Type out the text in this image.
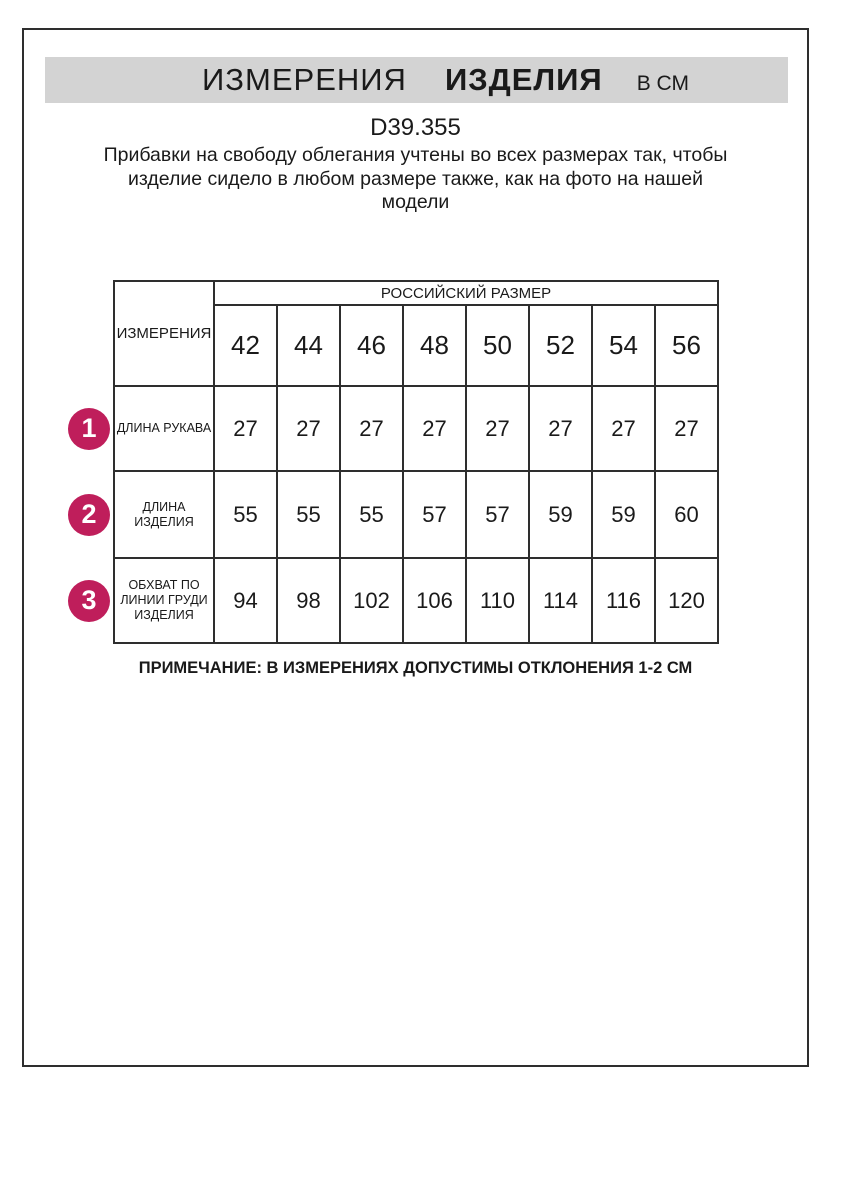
ИЗМЕРЕНИЯ ИЗДЕЛИЯ В СМ
D39.355
Прибавки на свободу облегания учтены во всех размерах так, чтобы
изделие сидело в любом размере также, как на фото на нашей
модели
ИЗМЕРЕНИЯ	РОССИЙСКИЙ РАЗМЕР							
	42	44	46	48	50	52	54	56
ДЛИНА РУКАВА	27	27	27	27	27	27	27	27
ДЛИНА ИЗДЕЛИЯ	55	55	55	57	57	59	59	60
ОБХВАТ ПО ЛИНИИ ГРУДИ ИЗДЕЛИЯ	94	98	102	106	110	114	116	120
ПРИМЕЧАНИЕ: В ИЗМЕРЕНИЯХ ДОПУСТИМЫ ОТКЛОНЕНИЯ 1-2 СМ
1
2
3
